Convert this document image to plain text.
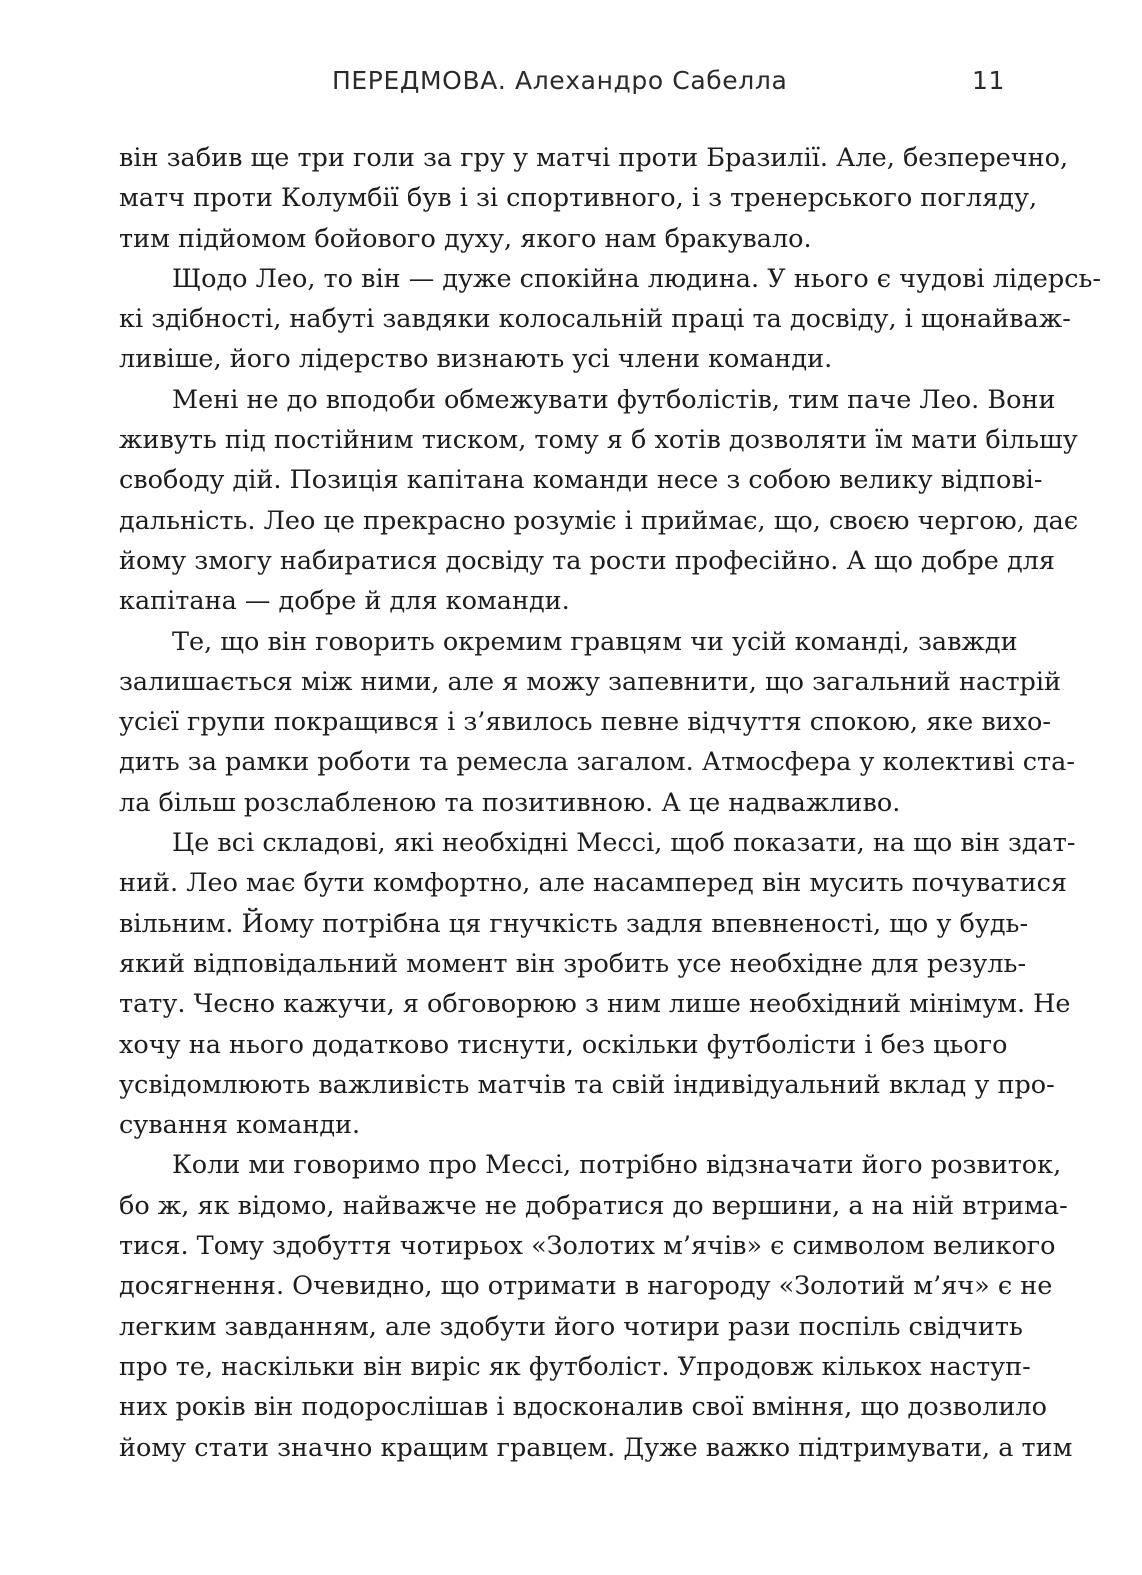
ПЕРЕДМОВА. Алехандро Сабелла	11
він забив ще три голи за гру у матчі проти Бразилії. Але, безперечно,
матч проти Колумбії був і зі спортивного, і з тренерського погляду,
тим підйомом бойового духу, якого нам бракувало.
Щодо Лео, то він — дуже спокійна людина. У нього є чудові лідерсь-
кі здібності, набуті завдяки колосальній праці та досвіду, і щонайваж-
ливіше, його лідерство визнають усі члени команди.
Мені не до вподоби обмежувати футболістів, тим паче Лео. Вони
живуть під постійним тиском, тому я б хотів дозволяти їм мати більшу
свободу дій. Позиція капітана команди несе з собою велику відпові-
дальність. Лео це прекрасно розуміє і приймає, що, своєю чергою, дає
йому змогу набиратися досвіду та рости професійно. А що добре для
капітана — добре й для команди.
Те, що він говорить окремим гравцям чи усій команді, завжди
залишається між ними, але я можу запевнити, що загальний настрій
усієї групи покращився і з’явилось певне відчуття спокою, яке вихо-
дить за рамки роботи та ремесла загалом. Атмосфера у колективі ста-
ла більш розслабленою та позитивною. А це надважливо.
Це всі складові, які необхідні Мессі, щоб показати, на що він здат-
ний. Лео має бути комфортно, але насамперед він мусить почуватися
вільним. Йому потрібна ця гнучкість задля впевненості, що у будь-
який відповідальний момент він зробить усе необхідне для резуль-
тату. Чесно кажучи, я обговорюю з ним лише необхідний мінімум. Не
хочу на нього додатково тиснути, оскільки футболісти і без цього
усвідомлюють важливість матчів та свій індивідуальний вклад у про-
сування команди.
Коли ми говоримо про Мессі, потрібно відзначати його розвиток,
бо ж, як відомо, найважче не добратися до вершини, а на ній втрима-
тися. Тому здобуття чотирьох «Золотих м’ячів» є символом великого
досягнення. Очевидно, що отримати в нагороду «Золотий м’яч» є не
легким завданням, але здобути його чотири рази поспіль свідчить
про те, наскільки він виріс як футболіст. Упродовж кількох наступ-
них років він подорослішав і вдосконалив свої вміння, що дозволило
йому стати значно кращим гравцем. Дуже важко підтримувати, а тим
